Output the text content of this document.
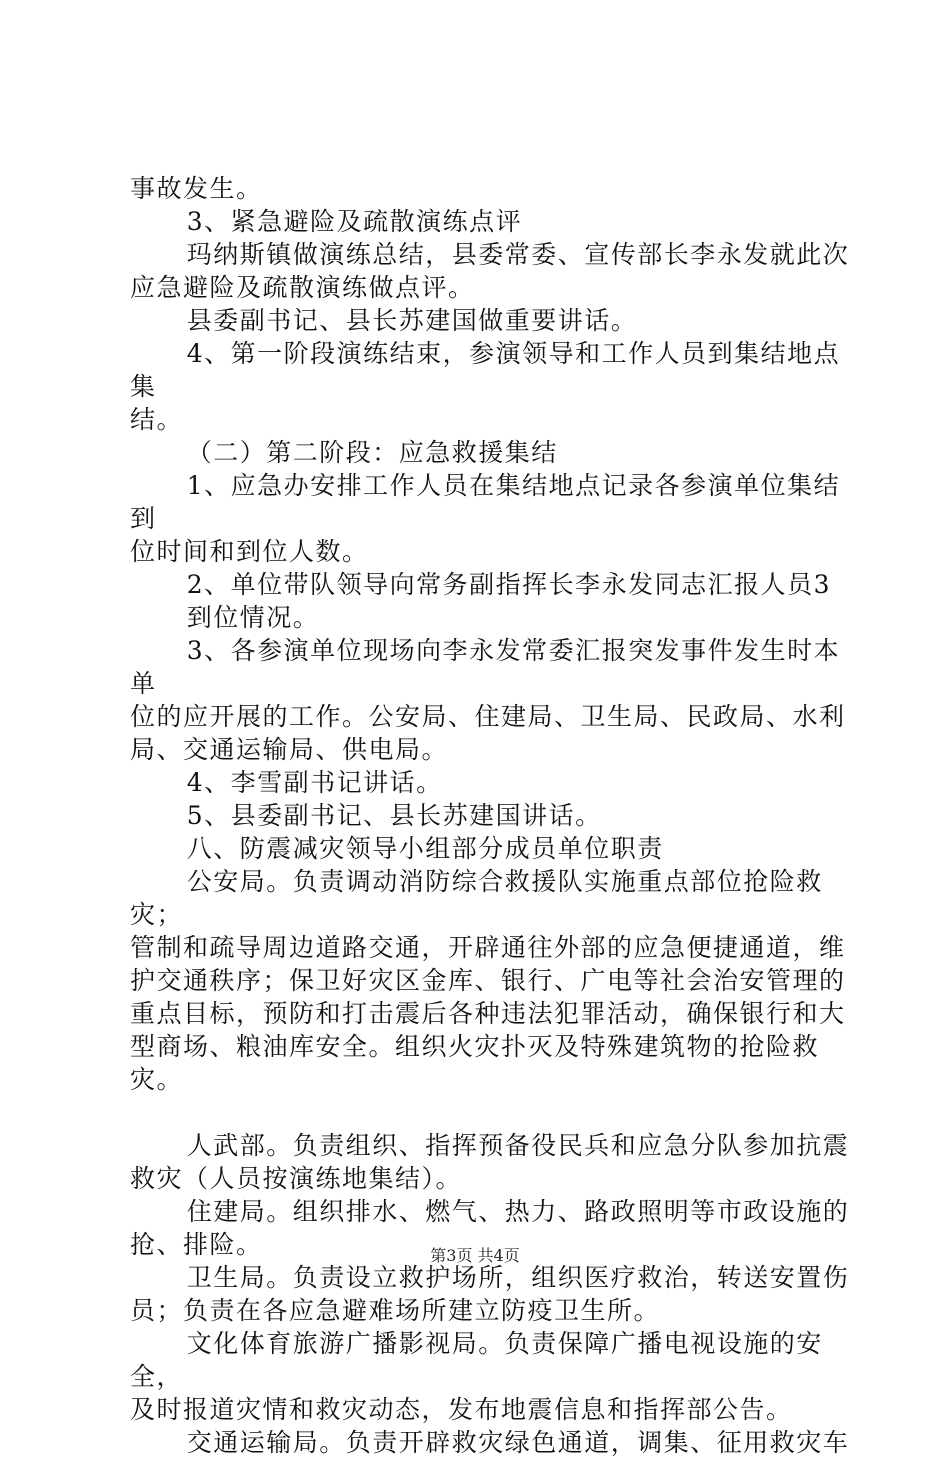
事故发生。

3、紧急避险及疏散演练点评

玛纳斯镇做演练总结，县委常委、宣传部长李永发就此次

应急避险及疏散演练做点评。

县委副书记、县长苏建国做重要讲话。

4、第一阶段演练结束，参演领导和工作人员到集结地点集

结。

（二）第二阶段：应急救援集结

1、应急办安排工作人员在集结地点记录各参演单位集结到

位时间和到位人数。

2、单位带队领导向常务副指挥长李永发同志汇报人员3

到位情况。

3、各参演单位现场向李永发常委汇报突发事件发生时本单

位的应开展的工作。公安局、住建局、卫生局、民政局、水利

局、交通运输局、供电局。

4、李雪副书记讲话。

5、县委副书记、县长苏建国讲话。

八、防震减灾领导小组部分成员单位职责

公安局。负责调动消防综合救援队实施重点部位抢险救灾；

管制和疏导周边道路交通，开辟通往外部的应急便捷通道，维

护交通秩序；保卫好灾区金库、银行、广电等社会治安管理的

重点目标，预防和打击震后各种违法犯罪活动，确保银行和大

型商场、粮油库安全。组织火灾扑灭及特殊建筑物的抢险救灾。

人武部。负责组织、指挥预备役民兵和应急分队参加抗震

救灾（人员按演练地集结）。

住建局。组织排水、燃气、热力、路政照明等市政设施的

抢、排险。

卫生局。负责设立救护场所，组织医疗救治，转送安置伤

员；负责在各应急避难场所建立防疫卫生所。

文化体育旅游广播影视局。负责保障广播电视设施的安全，

及时报道灾情和救灾动态，发布地震信息和指挥部公告。

交通运输局。负责开辟救灾绿色通道，调集、征用救灾车

第3页 共4页
